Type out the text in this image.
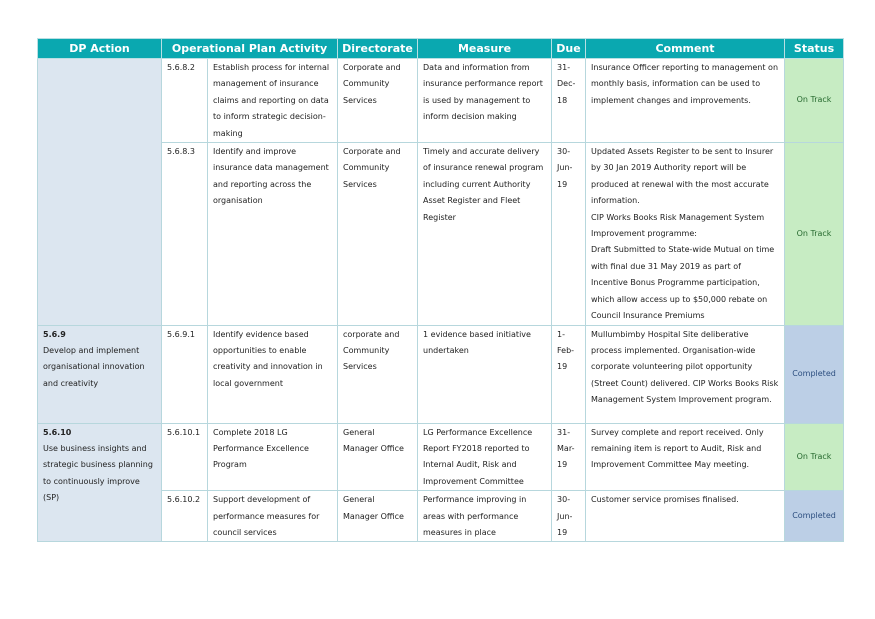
DP Action	Operational Plan Activity		Directorate	Measure	Due	Comment	Status
	5.6.8.2	Establish process for internal management of insurance claims and reporting on data to inform strategic decision-making	Corporate and Community Services	Data and information from insurance performance report is used by management to inform decision making	31-Dec-18	Insurance Officer reporting to management on monthly basis, information can be used to implement changes and improvements.	On Track
	5.6.8.3	Identify and improve insurance data management and reporting across the organisation	Corporate and Community Services	Timely and accurate delivery of insurance renewal program including current Authority Asset Register and Fleet Register	30-Jun-19	Updated Assets Register to be sent to Insurer by 30 Jan 2019 Authority report will be produced at renewal with the most accurate information.
CIP Works Books Risk Management System Improvement programme:
Draft Submitted to State-wide Mutual on time with final due 31 May 2019 as part of Incentive Bonus Programme participation, which allow access up to $50,000 rebate on Council Insurance Premiums	On Track

5.6.9
Develop and implement organisational innovation and creativity	5.6.9.1	Identify evidence based opportunities to enable creativity and innovation in local government	corporate and Community Services	1 evidence based initiative undertaken	1-Feb-19	Mullumbimby Hospital Site deliberative process implemented. Organisation-wide corporate volunteering pilot opportunity (Street Count) delivered. CIP Works Books Risk Management System Improvement program.	Completed

5.6.10
Use business insights and strategic business planning to continuously improve (SP)	5.6.10.1	Complete 2018 LG Performance Excellence Program	General Manager Office	LG Performance Excellence Report FY2018 reported to Internal Audit, Risk and Improvement Committee	31-Mar-19	Survey complete and report received. Only remaining item is report to Audit, Risk and Improvement Committee May meeting.	On Track
	5.6.10.2	Support development of performance measures for council services	General Manager Office	Performance improving in areas with performance measures in place	30-Jun-19	Customer service promises finalised.	Completed
